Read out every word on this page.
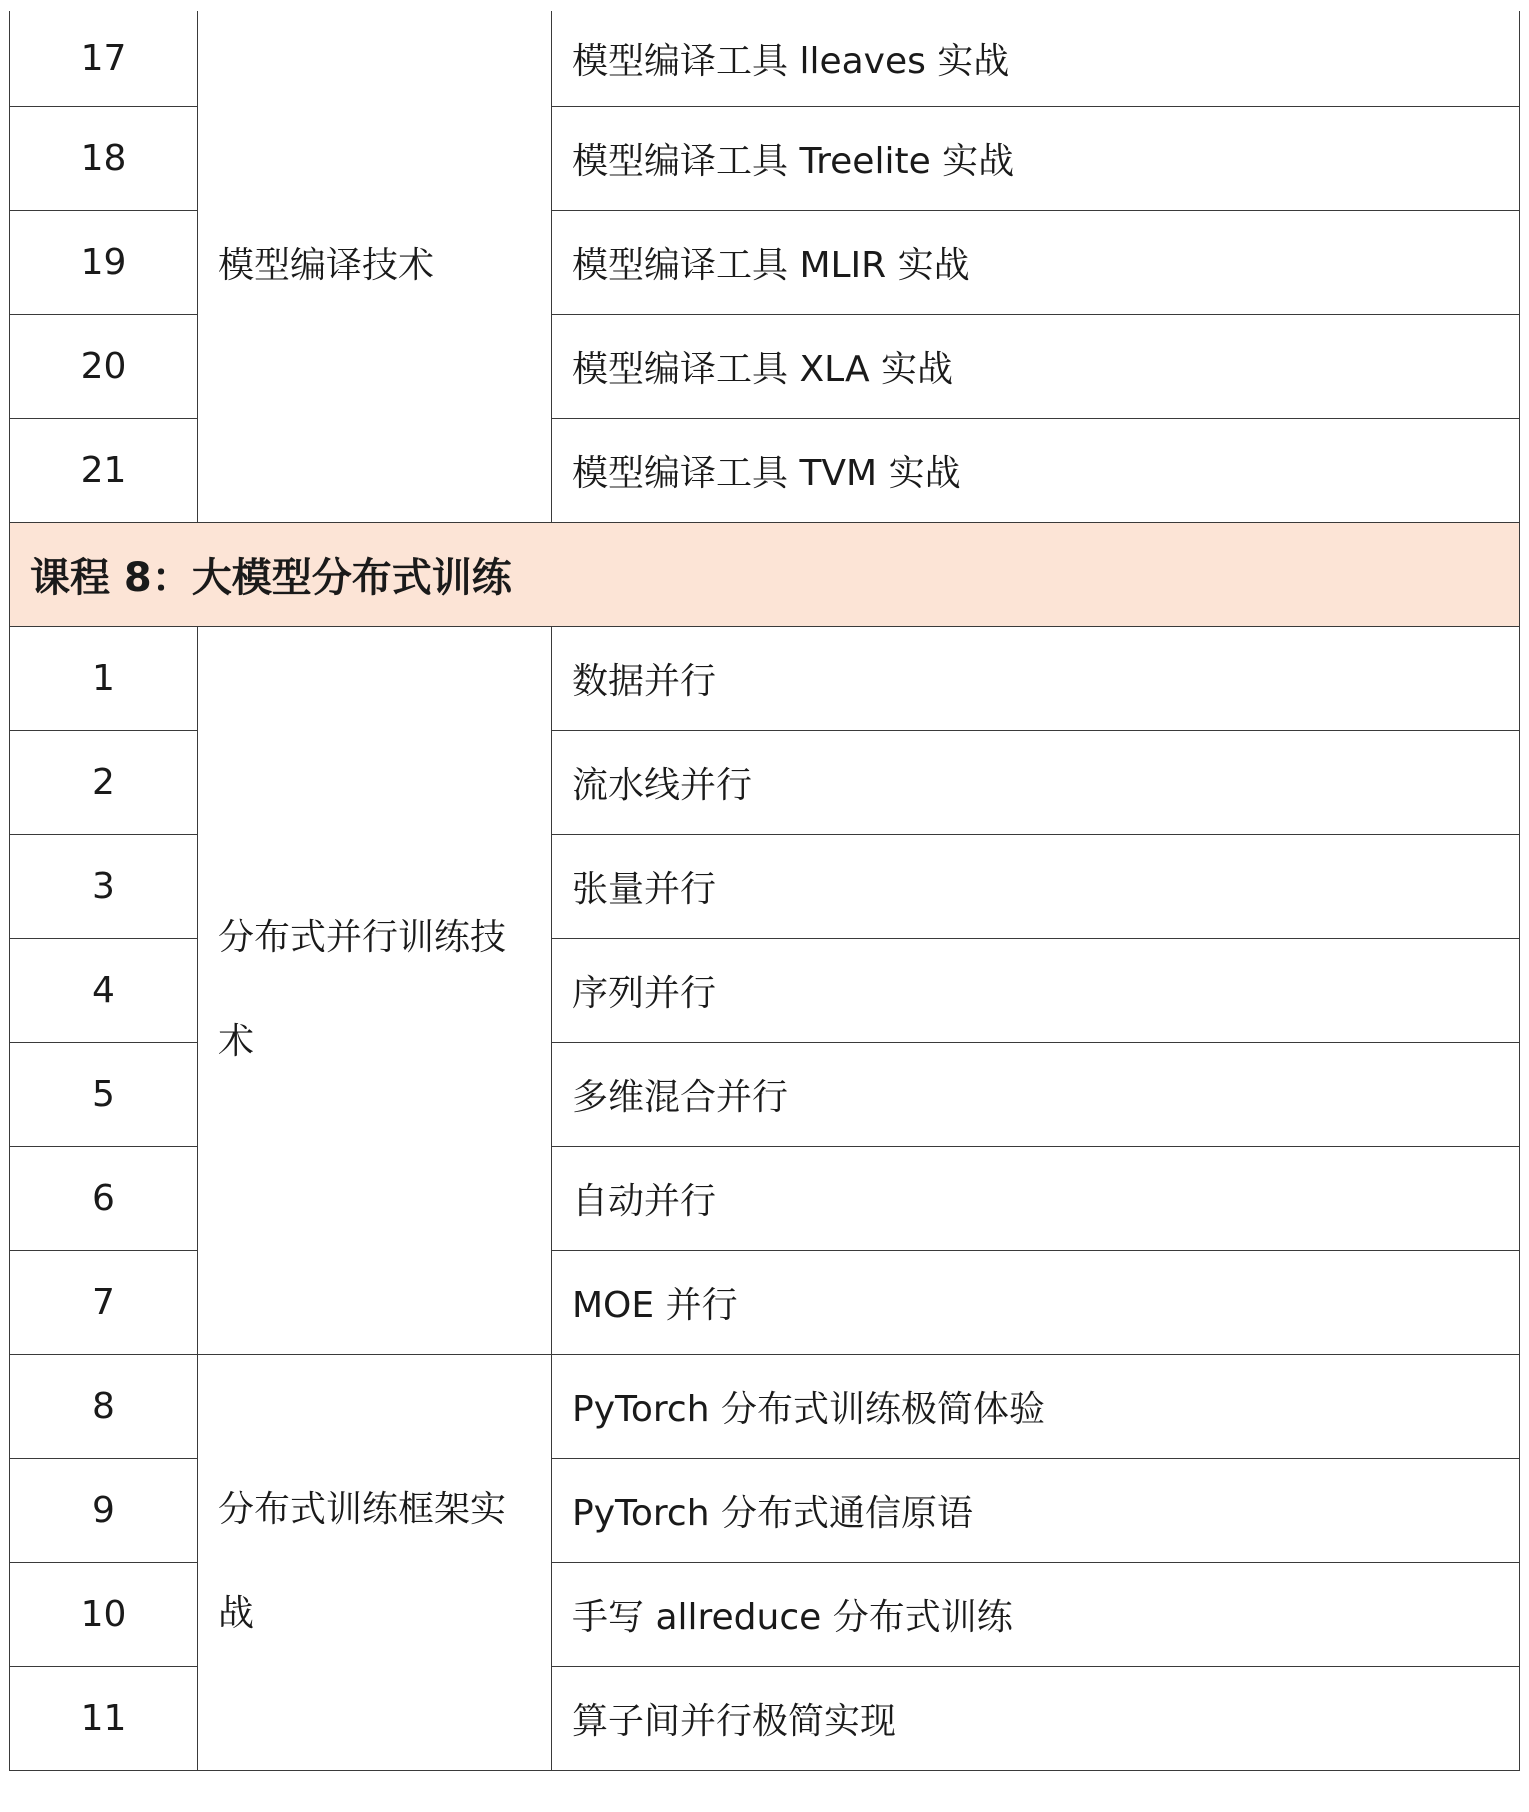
17	模型编译技术	模型编译工具 lleaves 实战
18		模型编译工具 Treelite 实战
19		模型编译工具 MLIR 实战
20		模型编译工具 XLA 实战
21		模型编译工具 TVM 实战
课程 8：大模型分布式训练		
1	分布式并行训练技术	数据并行
2		流水线并行
3		张量并行
4		序列并行
5		多维混合并行
6		自动并行
7		MOE 并行
8	分布式训练框架实战	PyTorch 分布式训练极简体验
9		PyTorch 分布式通信原语
10		手写 allreduce 分布式训练
11		算子间并行极简实现
